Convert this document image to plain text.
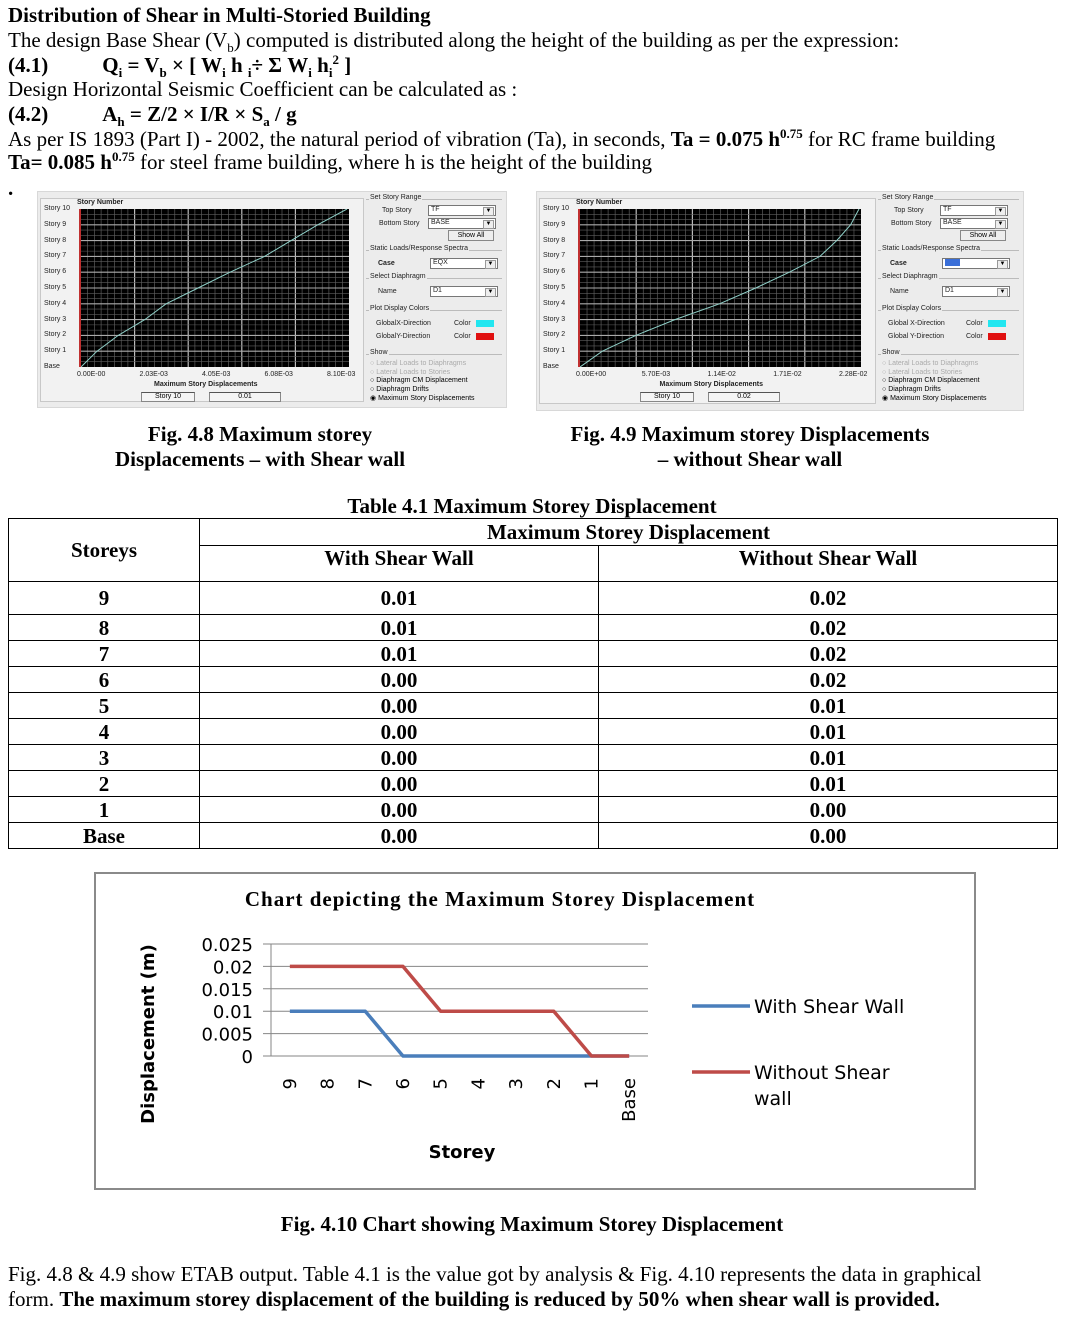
Distribution of Shear in Multi-Storied Building
The design Base Shear $(V_b)$ computed is distributed along the height of the building as per the expression:
(4.1)	$Q_i = V_b$ × [ $W_i$ h $_i$÷ Σ $W_i$ $h_i^2$ ]
Design Horizontal Seismic Coefficient can be calculated as :
(4.2)	$A_h = Z/2 \times I/R \times S_a / g$
As per IS 1893 (Part I) - 2002, the natural period of vibration (Ta), in seconds, Ta = 0.075 $h^{0.75}$ for RC frame building
Ta= 0.085 $h^{0.75}$ for steel frame building, where h is the height of the building
.
Story Number
Story 10
Story 9
Story 8
Story 7
Story 6
Story 5
Story 4
Story 3
Story 2
Story 1
Base
0.00E-00	2.03E-03	4.05E-03	6.08E-03	8.10E-03
Maximum Story Displacements
Story 10	0.01
Set Story Range
Top Story	TF	▼
Bottom Story BASE	▼
Show All
Static Loads/Response Spectra
Case	EQX	▼
Select Diaphragm
Name	D1	▼
Plot Display Colors
GlobalX-Direction	Color
GlobalY-Direction	Color
Show
○ Lateral Loads to Diaphragms
○ Lateral Loads to Stories
○ Diaphragm CM Displacement
○ Diaphragm Drifts
◉ Maximum Story Displacements
Story Number
Story 10
Story 9
Story 8
Story 7
Story 6
Story 5
Story 4
Story 3
Story 2
Story 1
Base
0.00E+00	5.70E-03	1.14E-02	1.71E-02	2.28E-02
Maximum Story Displacements
Story 10	0.02
Set Story Range
Top Story	TF	▼
Bottom Story BASE	▼
Show All
Static Loads/Response Spectra
Case	EQX	▼
Select Diaphragm
Name	D1	▼
Plot Display Colors
Global X-Direction	Color
Global Y-Direction	Color
Show
○ Lateral Loads to Diaphragms
○ Lateral Loads to Stories
○ Diaphragm CM Displacement
○ Diaphragm Drifts
◉ Maximum Story Displacements
Fig. 4.8 Maximum storey
Displacements – with Shear wall
Fig. 4.9 Maximum storey Displacements
– without Shear wall
Table 4.1 Maximum Storey Displacement
Storeys	Maximum Storey Displacement	
	With Shear Wall	Without Shear Wall
9	0.01	0.02
8	0.01	0.02
7	0.01	0.02
6	0.00	0.02
5	0.00	0.01
4	0.00	0.01
3	0.00	0.01
2	0.00	0.01
1	0.00	0.00
Base	0.00	0.00
Chart depicting the Maximum Storey Displacement
0
0.005
0.01
0.015
0.02
0.025
9 8 7 6 5 4 3 2 1 Base
Displacement (m)
Storey
With Shear Wall
Without Shear
wall
Fig. 4.10 Chart showing Maximum Storey Displacement
Fig. 4.8 & 4.9 show ETAB output. Table 4.1 is the value got by analysis & Fig. 4.10 represents the data in graphical
form. The maximum storey displacement of the building is reduced by 50% when shear wall is provided.
